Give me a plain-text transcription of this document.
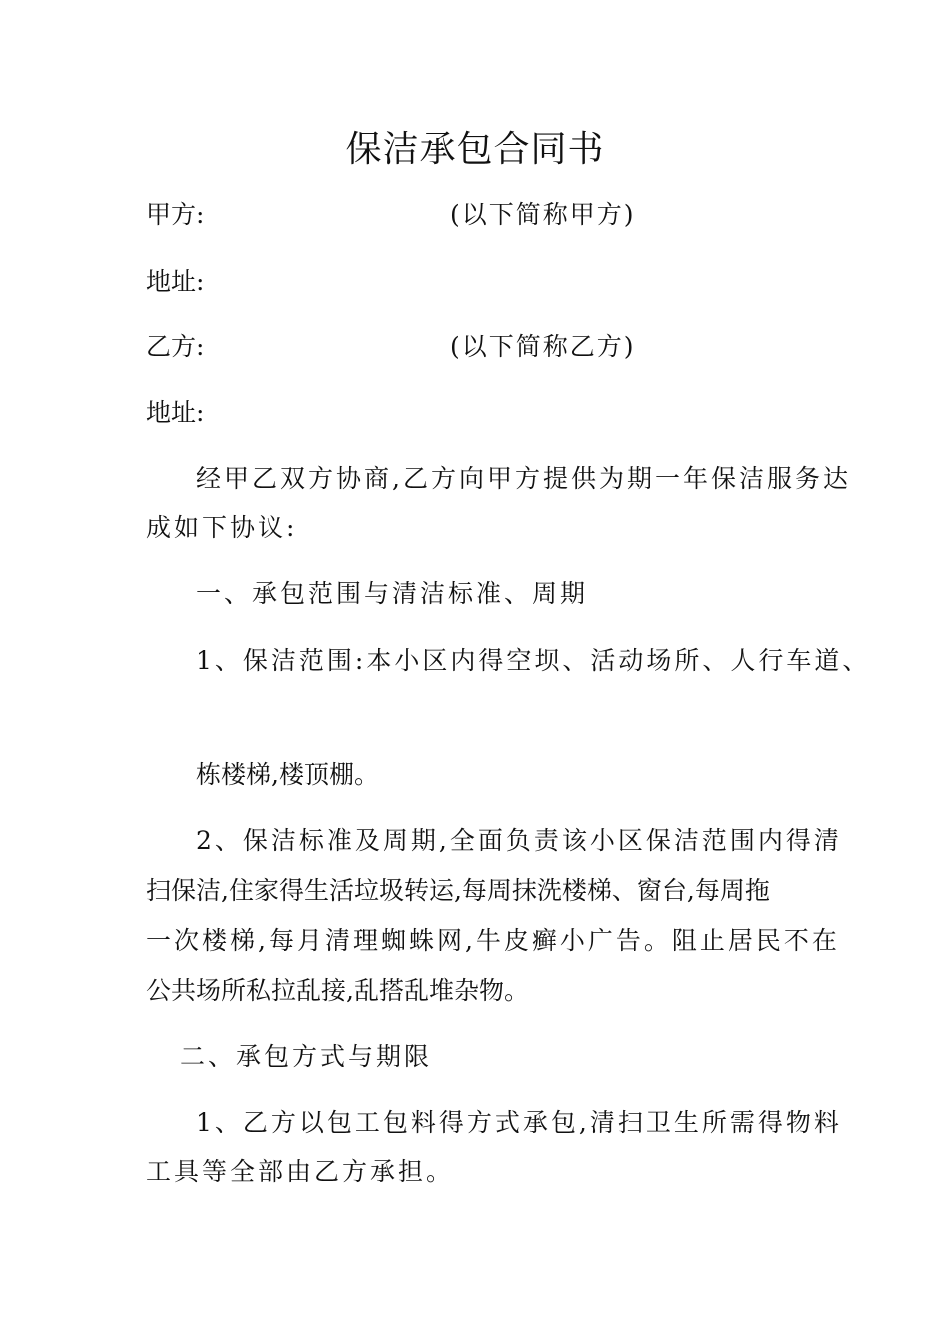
保洁承包合同书
甲方:	(以下简称甲方)
地址:
乙方:	(以下简称乙方)
地址:
经甲乙双方协商,乙方向甲方提供为期一年保洁服务达
成如下协议:
一、承包范围与清洁标准、周期
1、保洁范围:本小区内得空坝、活动场所、人行车道、
栋楼梯,楼顶棚。
2、保洁标准及周期,全面负责该小区保洁范围内得清
扫保洁,住家得生活垃圾转运,每周抹洗楼梯、窗台,每周拖
一次楼梯,每月清理蜘蛛网,牛皮癣小广告。阻止居民不在
公共场所私拉乱接,乱搭乱堆杂物。
二、承包方式与期限
1、乙方以包工包料得方式承包,清扫卫生所需得物料
工具等全部由乙方承担。
